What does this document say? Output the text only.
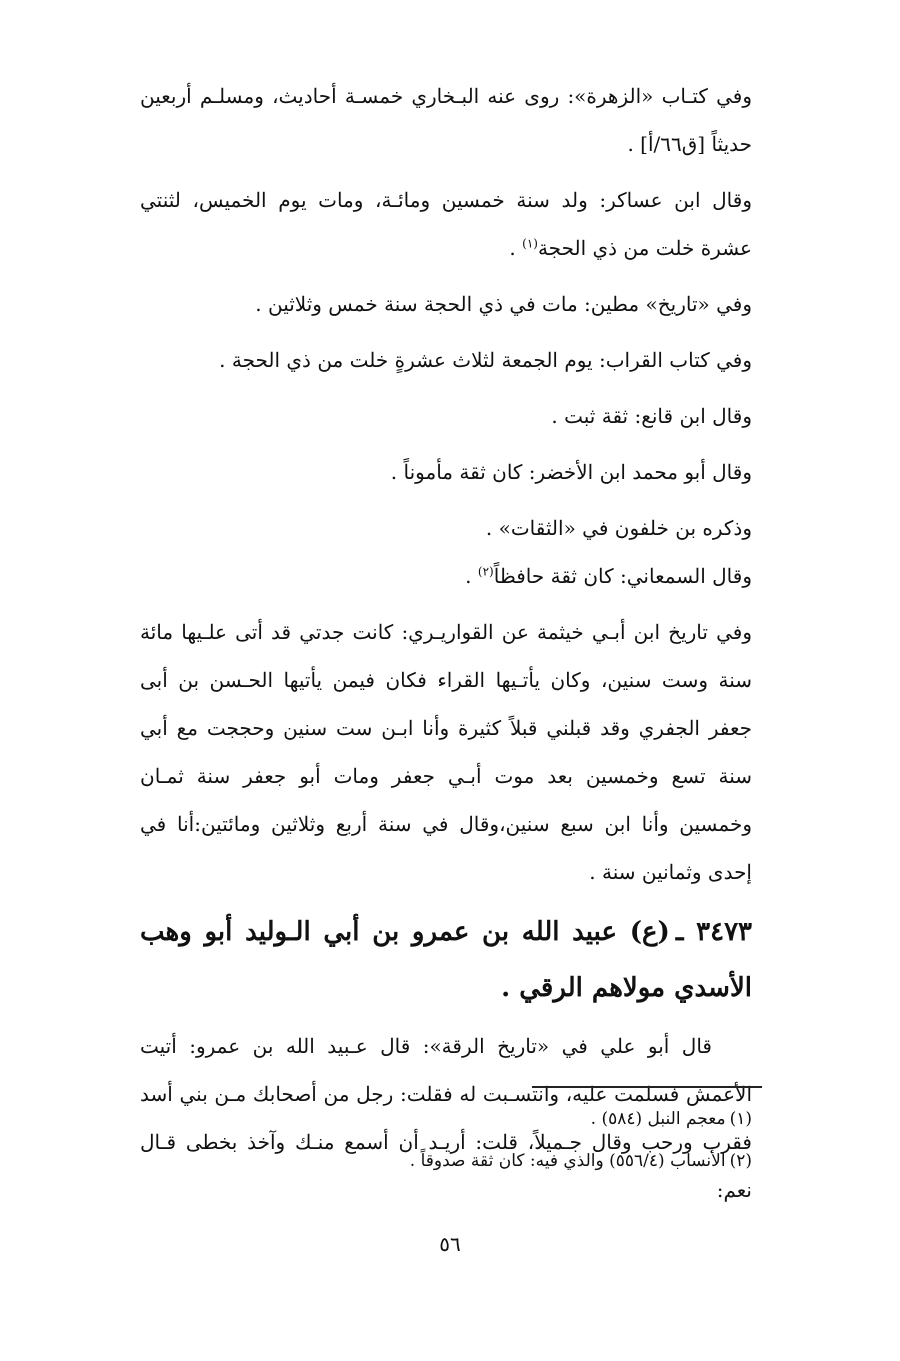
وفي كتـاب «الزهرة»: روى عنه البـخاري خمسـة أحاديث، ومسلـم أربعين حديثاً [ق٦٦/أ] .

وقال ابن عساكر: ولد سنة خمسين ومائـة، ومات يوم الخميس، لثنتي عشرة خلت من ذي الحجة$^{(١)}$ .

وفي «تاريخ» مطين: مات في ذي الحجة سنة خمس وثلاثين .

وفي كتاب القراب: يوم الجمعة لثلاث عشرةٍ خلت من ذي الحجة .

وقال ابن قانع: ثقة ثبت .

وقال أبو محمد ابن الأخضر: كان ثقة مأموناً .

وذكره بن خلفون في «الثقات» .

وقال السمعاني: كان ثقة حافظاً$^{(٢)}$ .

وفي تاريخ ابن أبـي خيثمة عن القواريـري: كانت جدتي قد أتى علـيها مائة سنة وست سنين، وكان يأتـيها القراء فكان فيمن يأتيها الحـسن بن أبى جعفر الجفري وقد قبلني قبلاً كثيرة وأنا ابـن ست سنين وحججت مع أبي سنة تسع وخمسين بعد موت أبـي جعفر ومات أبو جعفر سنة ثمـان وخمسين وأنا ابن سبع سنين،وقال في سنة أربع وثلاثين ومائتين:أنا في إحدى وثمانين سنة .

٣٤٧٣ ـ(ع) عبيد الله بن عمرو بن أبي الـوليد أبو وهب الأسدي مولاهم الرقي .

قال أبو علي في «تاريخ الرقة»: قال عـبيد الله بن عمرو: أتيت الأعمش فسلمت عليه، وانتسـبت له فقلت: رجل من أصحابك مـن بني أسد فقرب ورحب وقال جـميلاً، قلت: أريـد أن أسمع منـك وآخذ بخطى قـال نعم:

(١)معجم النبل (٥٨٤) .

(٢)الأنساب (٥٥٦/٤) والذي فيه: كان ثقة صدوقاً .

٥٦
